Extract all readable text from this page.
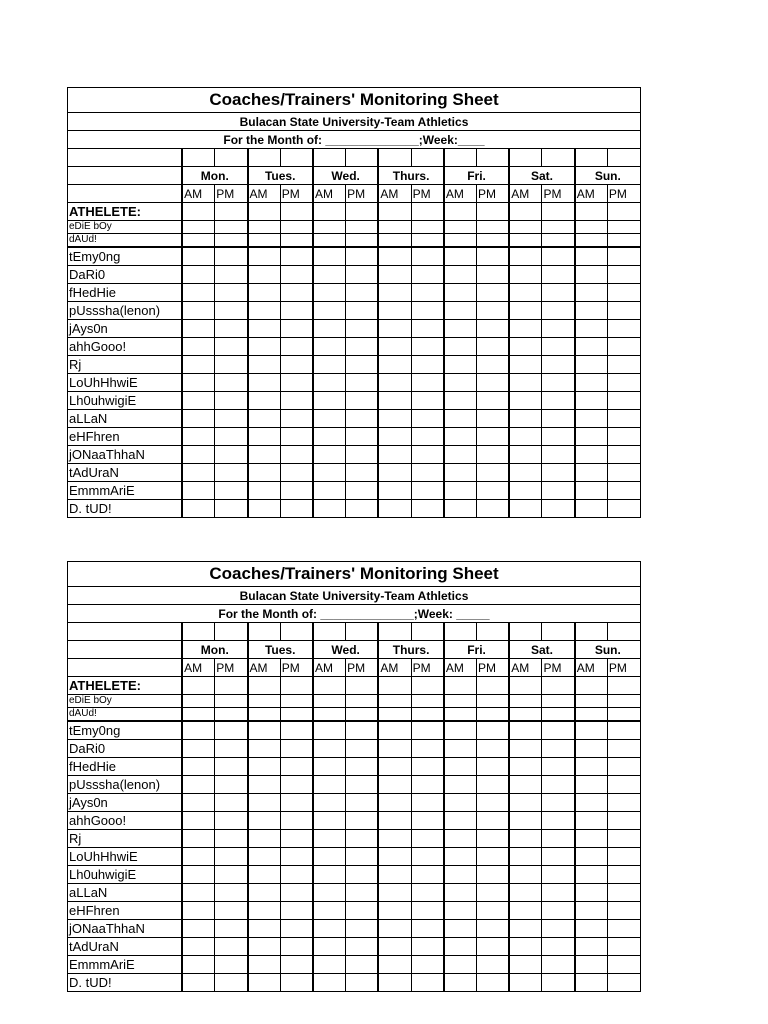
Coaches/Trainers' Monitoring Sheet														
Bulacan State University-Team Athletics														
For the Month of: ______________;Week:____														

	Mon.		Tues.		Wed.		Thurs.		Fri.		Sat.		Sun.	
	AM	PM	AM	PM	AM	PM	AM	PM	AM	PM	AM	PM	AM	PM
ATHELETE:														
eDiE bOy														
dAUd!														
tEmy0ng														
DaRi0														
fHedHie														
pUsssha(lenon)														
jAys0n														
ahhGooo!														
Rj														
LoUhHhwiE														
Lh0uhwigiE														
aLLaN														
eHFhren														
jONaaThhaN														
tAdUraN														
EmmmAriE														
D. tUD!														
Coaches/Trainers' Monitoring Sheet														
Bulacan State University-Team Athletics														
For the Month of: ______________;Week: _____														

	Mon.		Tues.		Wed.		Thurs.		Fri.		Sat.		Sun.	
	AM	PM	AM	PM	AM	PM	AM	PM	AM	PM	AM	PM	AM	PM
ATHELETE:														
eDiE bOy														
dAUd!														
tEmy0ng														
DaRi0														
fHedHie														
pUsssha(lenon)														
jAys0n														
ahhGooo!														
Rj														
LoUhHhwiE														
Lh0uhwigiE														
aLLaN														
eHFhren														
jONaaThhaN														
tAdUraN														
EmmmAriE														
D. tUD!														
